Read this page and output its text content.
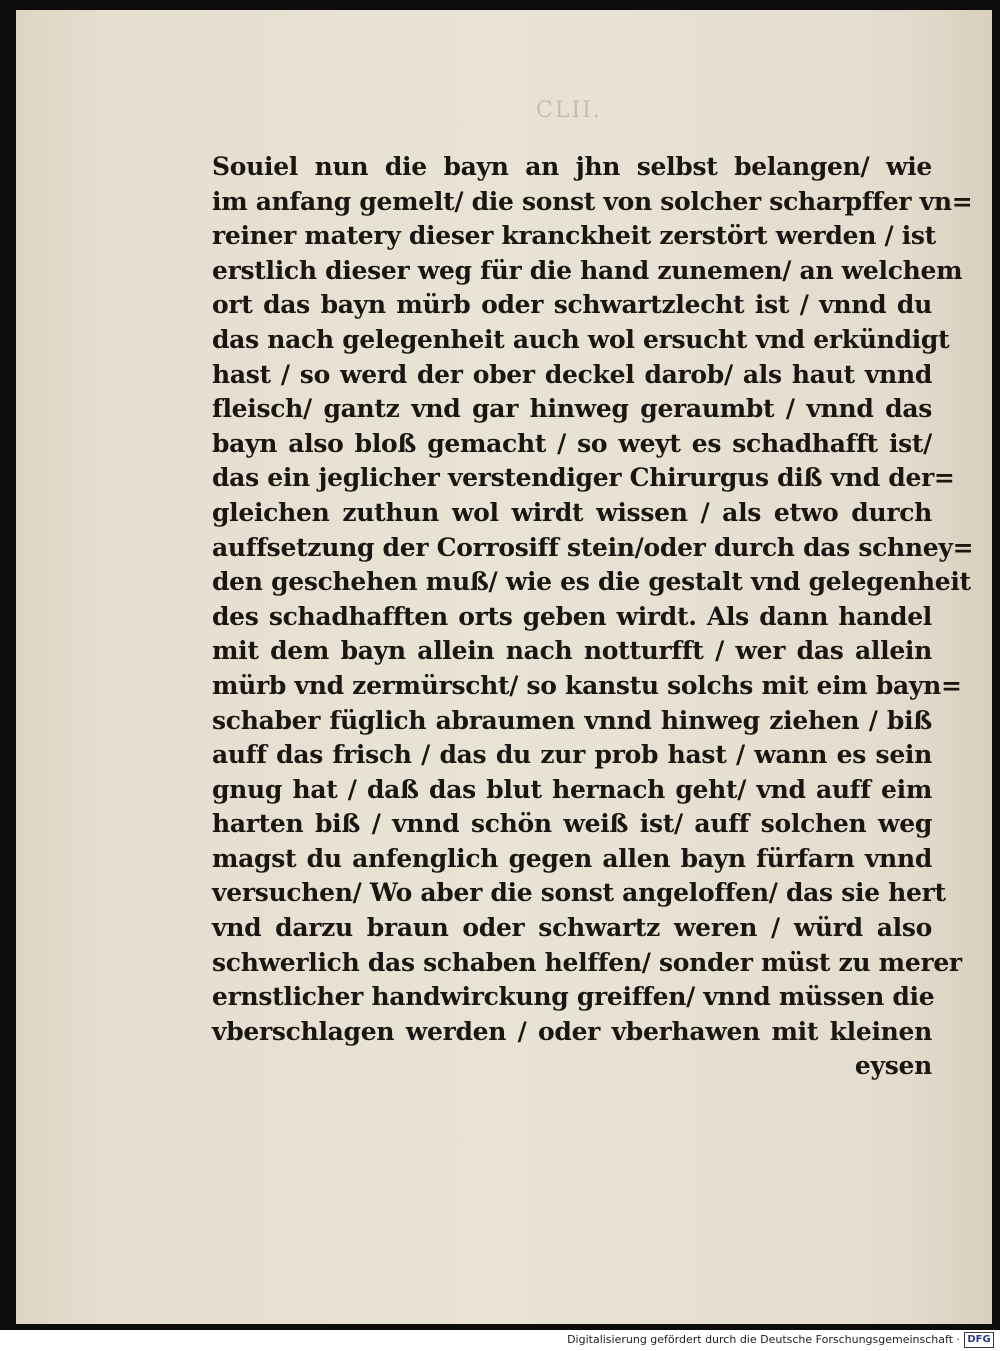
CLII.
Souiel nun die bayn an jhn selbst belangen/ wie
im anfang gemelt/ die sonst von solcher scharpffer vn=
reiner matery dieser kranckheit zerstört werden / ist
erstlich dieser weg für die hand zunemen/ an welchem
ort das bayn mürb oder schwartzlecht ist / vnnd du
das nach gelegenheit auch wol ersucht vnd erkündigt
hast / so werd der ober deckel darob/ als haut vnnd
fleisch/ gantz vnd gar hinweg geraumbt / vnnd das
bayn also bloß gemacht / so weyt es schadhafft ist/
das ein jeglicher verstendiger Chirurgus diß vnd der=
gleichen zuthun wol wirdt wissen / als etwo durch
auffsetzung der Corrosiff stein/oder durch das schney=
den geschehen muß/ wie es die gestalt vnd gelegenheit
des schadhafften orts geben wirdt. Als dann handel
mit dem bayn allein nach notturfft / wer das allein
mürb vnd zermürscht/ so kanstu solchs mit eim bayn=
schaber füglich abraumen vnnd hinweg ziehen / biß
auff das frisch / das du zur prob hast / wann es sein
gnug hat / daß das blut hernach geht/ vnd auff eim
harten biß / vnnd schön weiß ist/ auff solchen weg
magst du anfenglich gegen allen bayn fürfarn vnnd
versuchen/ Wo aber die sonst angeloffen/ das sie hert
vnd darzu braun oder schwartz weren / würd also
schwerlich das schaben helffen/ sonder müst zu merer
ernstlicher handwirckung greiffen/ vnnd müssen die
vberschlagen werden / oder vberhawen mit kleinen
eysen
Digitalisierung gefördert durch die Deutsche Forschungsgemeinschaft · DFG
